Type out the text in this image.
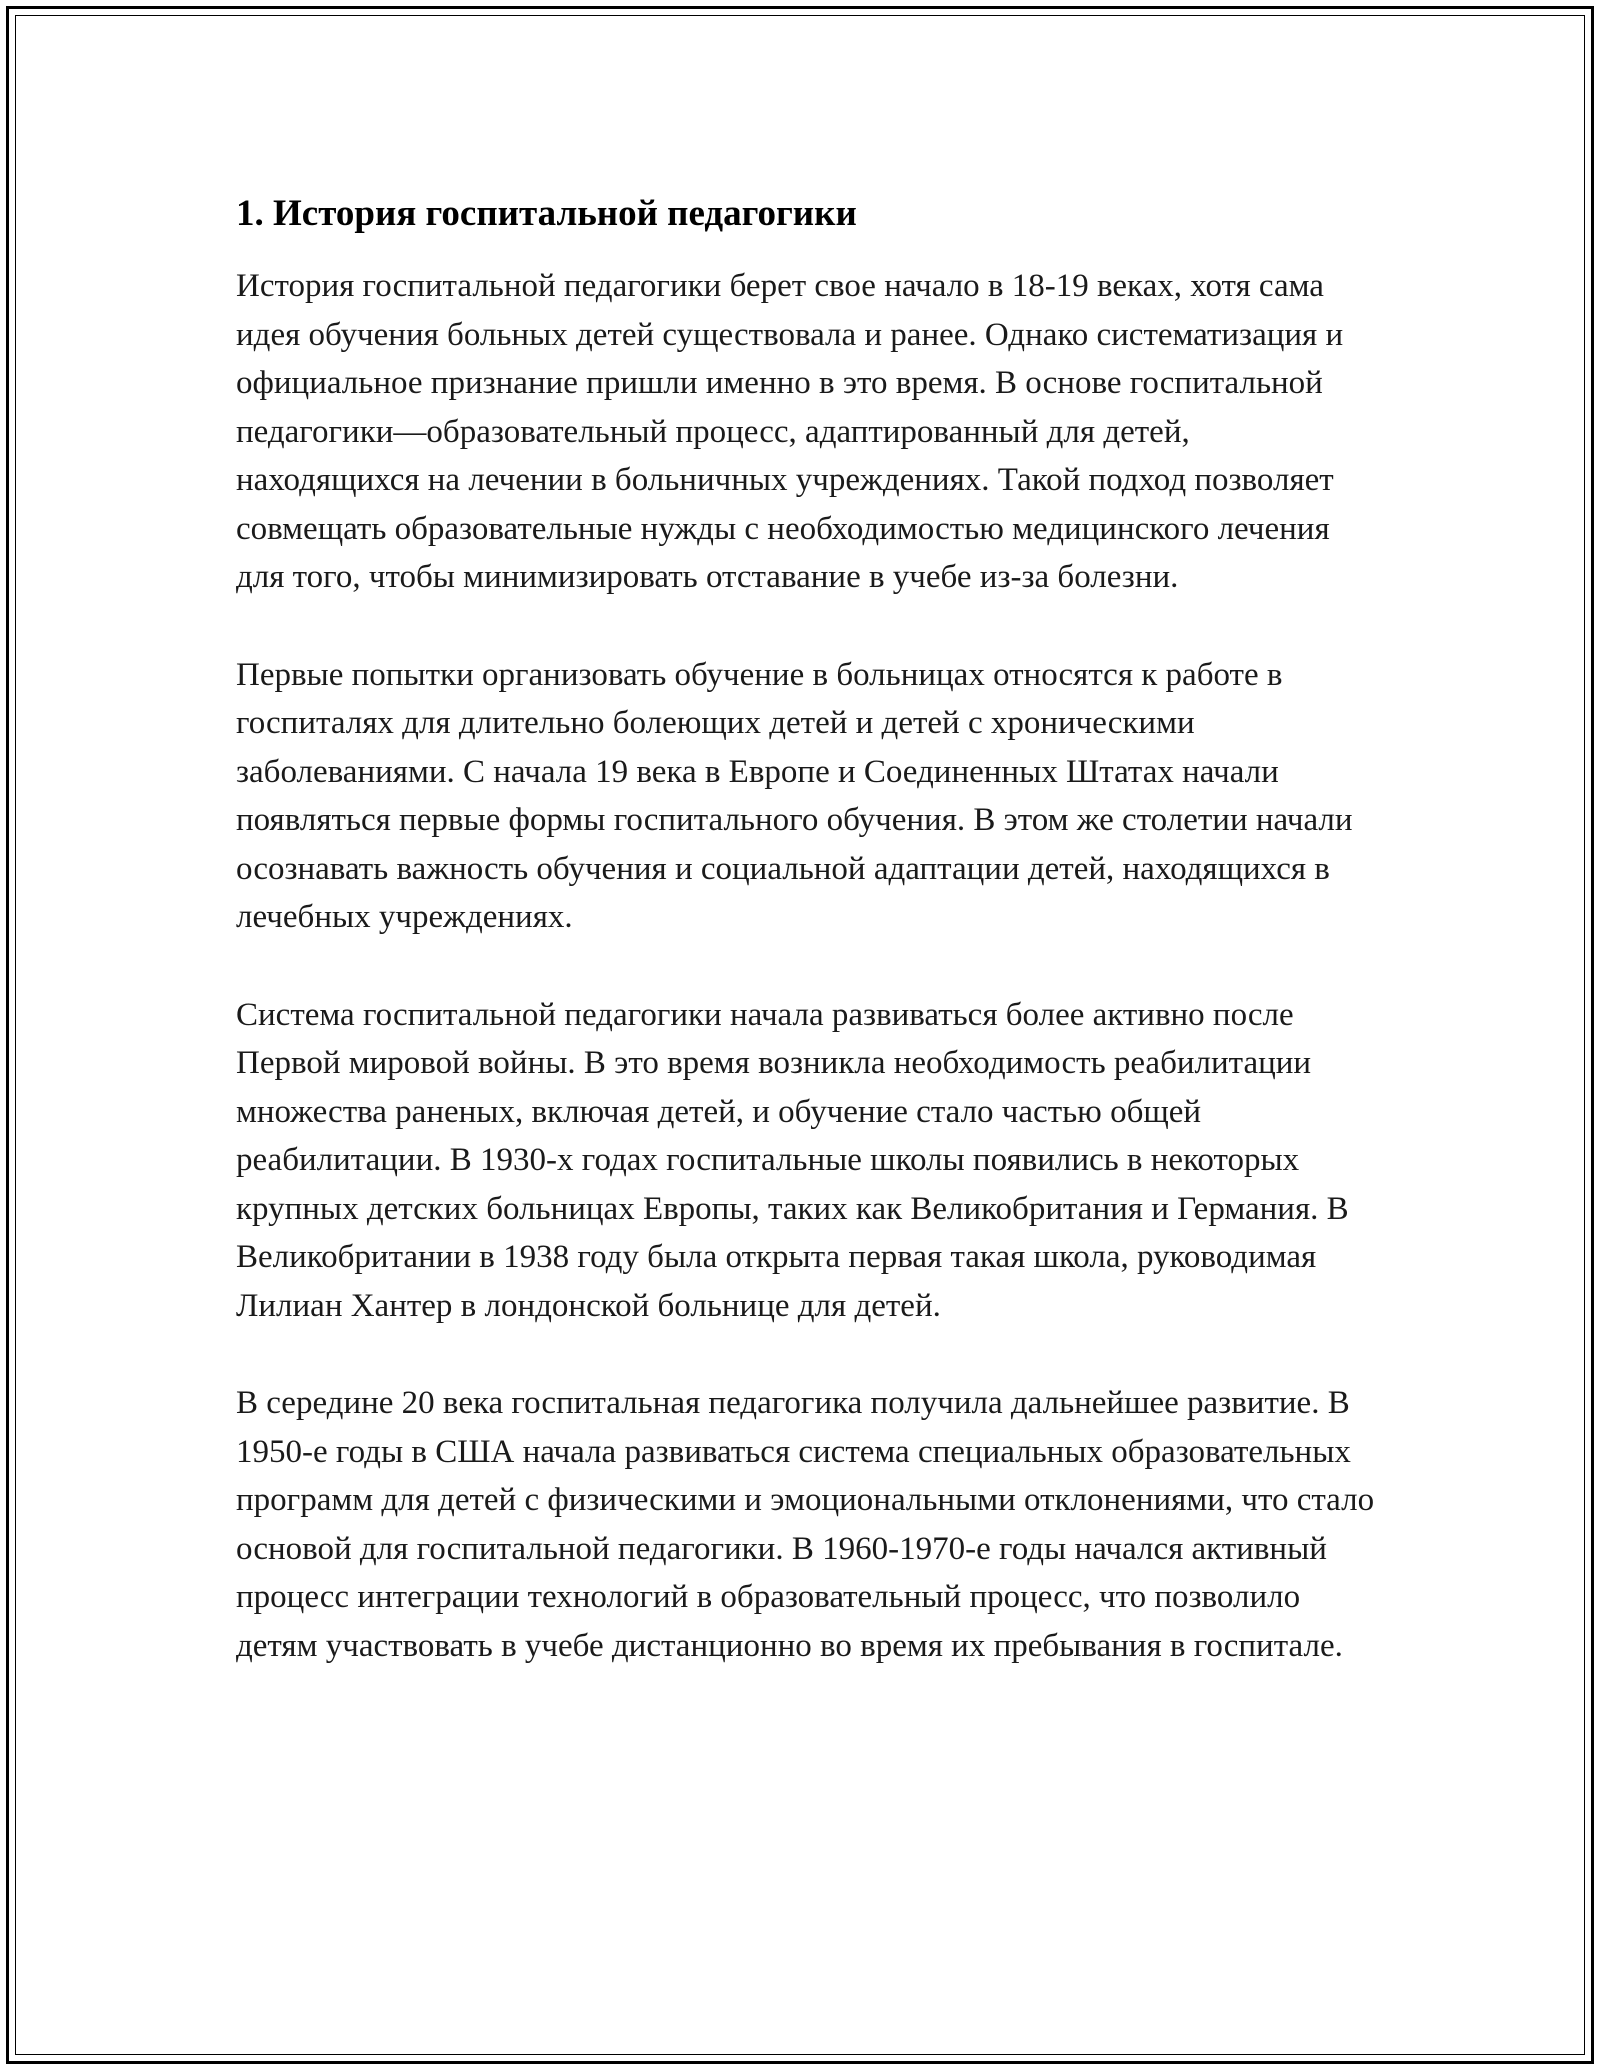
1. История госпитальной педагогики

История госпитальной педагогики берет свое начало в 18-19 веках, хотя сама идея обучения больных детей существовала и ранее. Однако систематизация и официальное признание пришли именно в это время. В основе госпитальной педагогики—образовательный процесс, адаптированный для детей, находящихся на лечении в больничных учреждениях. Такой подход позволяет совмещать образовательные нужды с необходимостью медицинского лечения для того, чтобы минимизировать отставание в учебе из-за болезни.

Первые попытки организовать обучение в больницах относятся к работе в госпиталях для длительно болеющих детей и детей с хроническими заболеваниями. С начала 19 века в Европе и Соединенных Штатах начали появляться первые формы госпитального обучения. В этом же столетии начали осознавать важность обучения и социальной адаптации детей, находящихся в лечебных учреждениях.

Система госпитальной педагогики начала развиваться более активно после Первой мировой войны. В это время возникла необходимость реабилитации множества раненых, включая детей, и обучение стало частью общей реабилитации. В 1930-х годах госпитальные школы появились в некоторых крупных детских больницах Европы, таких как Великобритания и Германия. В Великобритании в 1938 году была открыта первая такая школа, руководимая Лилиан Хантер в лондонской больнице для детей.

В середине 20 века госпитальная педагогика получила дальнейшее развитие. В 1950-е годы в США начала развиваться система специальных образовательных программ для детей с физическими и эмоциональными отклонениями, что стало основой для госпитальной педагогики. В 1960-1970-е годы начался активный процесс интеграции технологий в образовательный процесс, что позволило детям участвовать в учебе дистанционно во время их пребывания в госпитале.
